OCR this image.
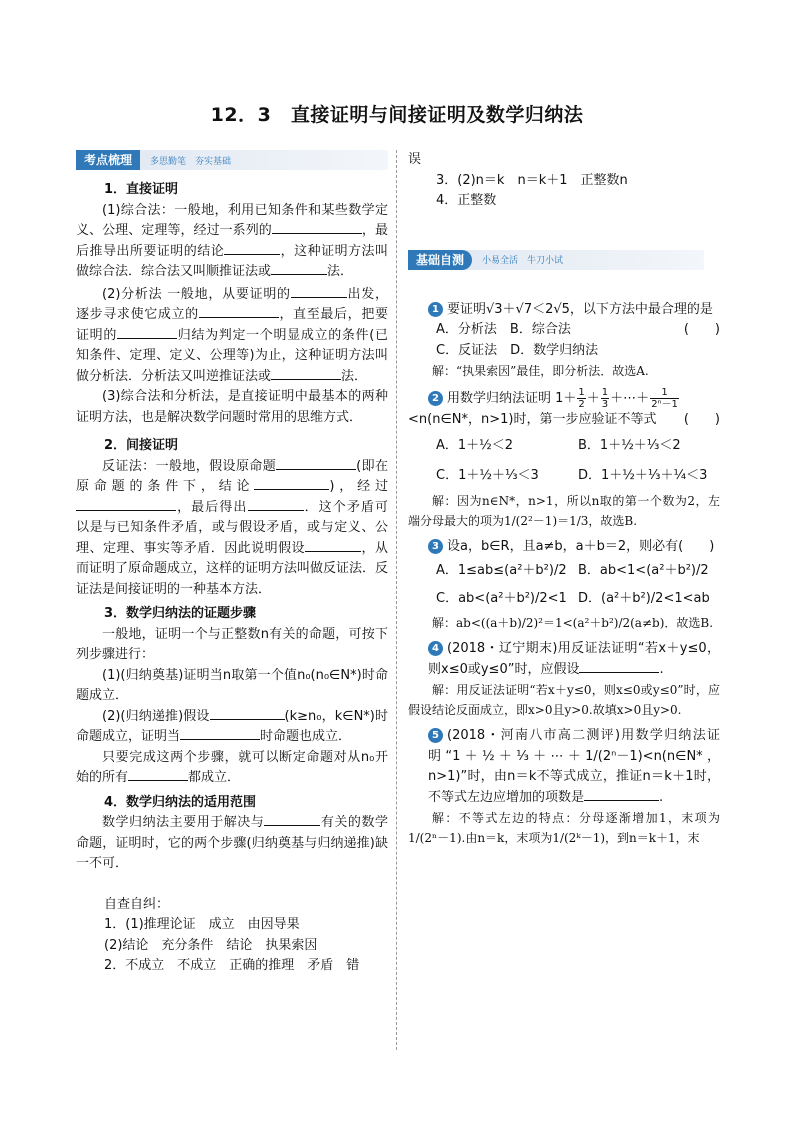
12．3　直接证明与间接证明及数学归纳法
考点梳理	多思勤笔　夯实基础

1．直接证明

(1)综合法：一般地，利用已知条件和某些数学定义、公理、定理等，经过一系列的	，最后推导出所要证明的结论	，这种证明方法叫做综合法．综合法又叫顺推证法或	法．

(2)分析法 一般地，从要证明的	出发，逐步寻求使它成立的	，直至最后，把要证明的	归结为判定一个明显成立的条件(已知条件、定理、定义、公理等)为止，这种证明方法叫做分析法．分析法又叫逆推证法或	法．

(3)综合法和分析法，是直接证明中最基本的两种证明方法，也是解决数学问题时常用的思维方式．

2．间接证明

反证法：一般地，假设原命题	(即在原命题的条件下，结论	)，经过，最后得出	．这个矛盾可以是与已知条件矛盾，或与假设矛盾，或与定义、公理、定理、事实等矛盾．因此说明假设	，从而证明了原命题成立，这样的证明方法叫做反证法．反证法是间接证明的一种基本方法．

3．数学归纳法的证题步骤

一般地，证明一个与正整数n有关的命题，可按下列步骤进行：

(1)(归纳奠基)证明当n取第一个值n₀(n₀∈N*)时命题成立．

(2)(归纳递推)假设	(k≥n₀，k∈N*)时命题成立，证明当	时命题也成立．

只要完成这两个步骤，就可以断定命题对从n₀开始的所有	都成立．

4．数学归纳法的适用范围

数学归纳法主要用于解决与	有关的数学命题，证明时，它的两个步骤(归纳奠基与归纳递推)缺一不可．

自查自纠：

1．(1)推理论证　成立　由因导果

(2)结论　充分条件　结论　执果索因

2．不成立　不成立　正确的推理　矛盾　错

误

3．(2)n＝k　n＝k＋1　正整数n

4．正整数

基础自测	小易全活　牛刀小试

1 要证明√3＋√7＜2√5，以下方法中最合理的是
(　　)

A．分析法　 B．综合法

C．反证法　 D．数学归纳法

解：“执果索因”最佳，即分析法．故选A.

2 用数学归纳法证明 $1+ \frac{1}{2} + \frac{1}{3}$ ＋⋯＋ $\frac{1}{\text{2ⁿ－1}}$

<n(n∈N*，n>1)时，第一步应验证不等式 (　　)

A．1＋½＜2	B．1＋½＋⅓＜2
C．1＋½＋⅓＜3	D．1＋½＋⅓＋¼＜3

解：因为n∈N*，n>1，所以n取的第一个数为2，左端分母最大的项为1/(2²－1)＝1/3，故选B.

3 设a，b∈R，且a≠b，a＋b＝2，则必有(　　)

A．1≤ab≤(a²＋b²)/2 B．ab<1<(a²＋b²)/2
C．ab<(a²＋b²)/2<1 D．(a²＋b²)/2<1<ab

解：ab<((a＋b)/2)²＝1<(a²＋b²)/2(a≠b)．故选B.

4 (2018・辽宁期末)用反证法证明“若x＋y≤0，则x≤0或y≤0”时，应假设	.

解：用反证法证明“若x＋y≤0，则x≤0或y≤0”时，应假设结论反面成立，即x>0且y>0.故填x>0且y>0.

5 (2018・河南八市高二测评)用数学归纳法证明“1＋½＋⅓＋⋯＋1/(2ⁿ－1)<n(n∈N*，n>1)”时，由n＝k不等式成立，推证n＝k＋1时，不等式左边应增加的项数是	.

解：不等式左边的特点：分母逐渐增加1，末项为1/(2ⁿ－1).由n＝k，末项为1/(2ᵏ－1)，到n＝k＋1，末
